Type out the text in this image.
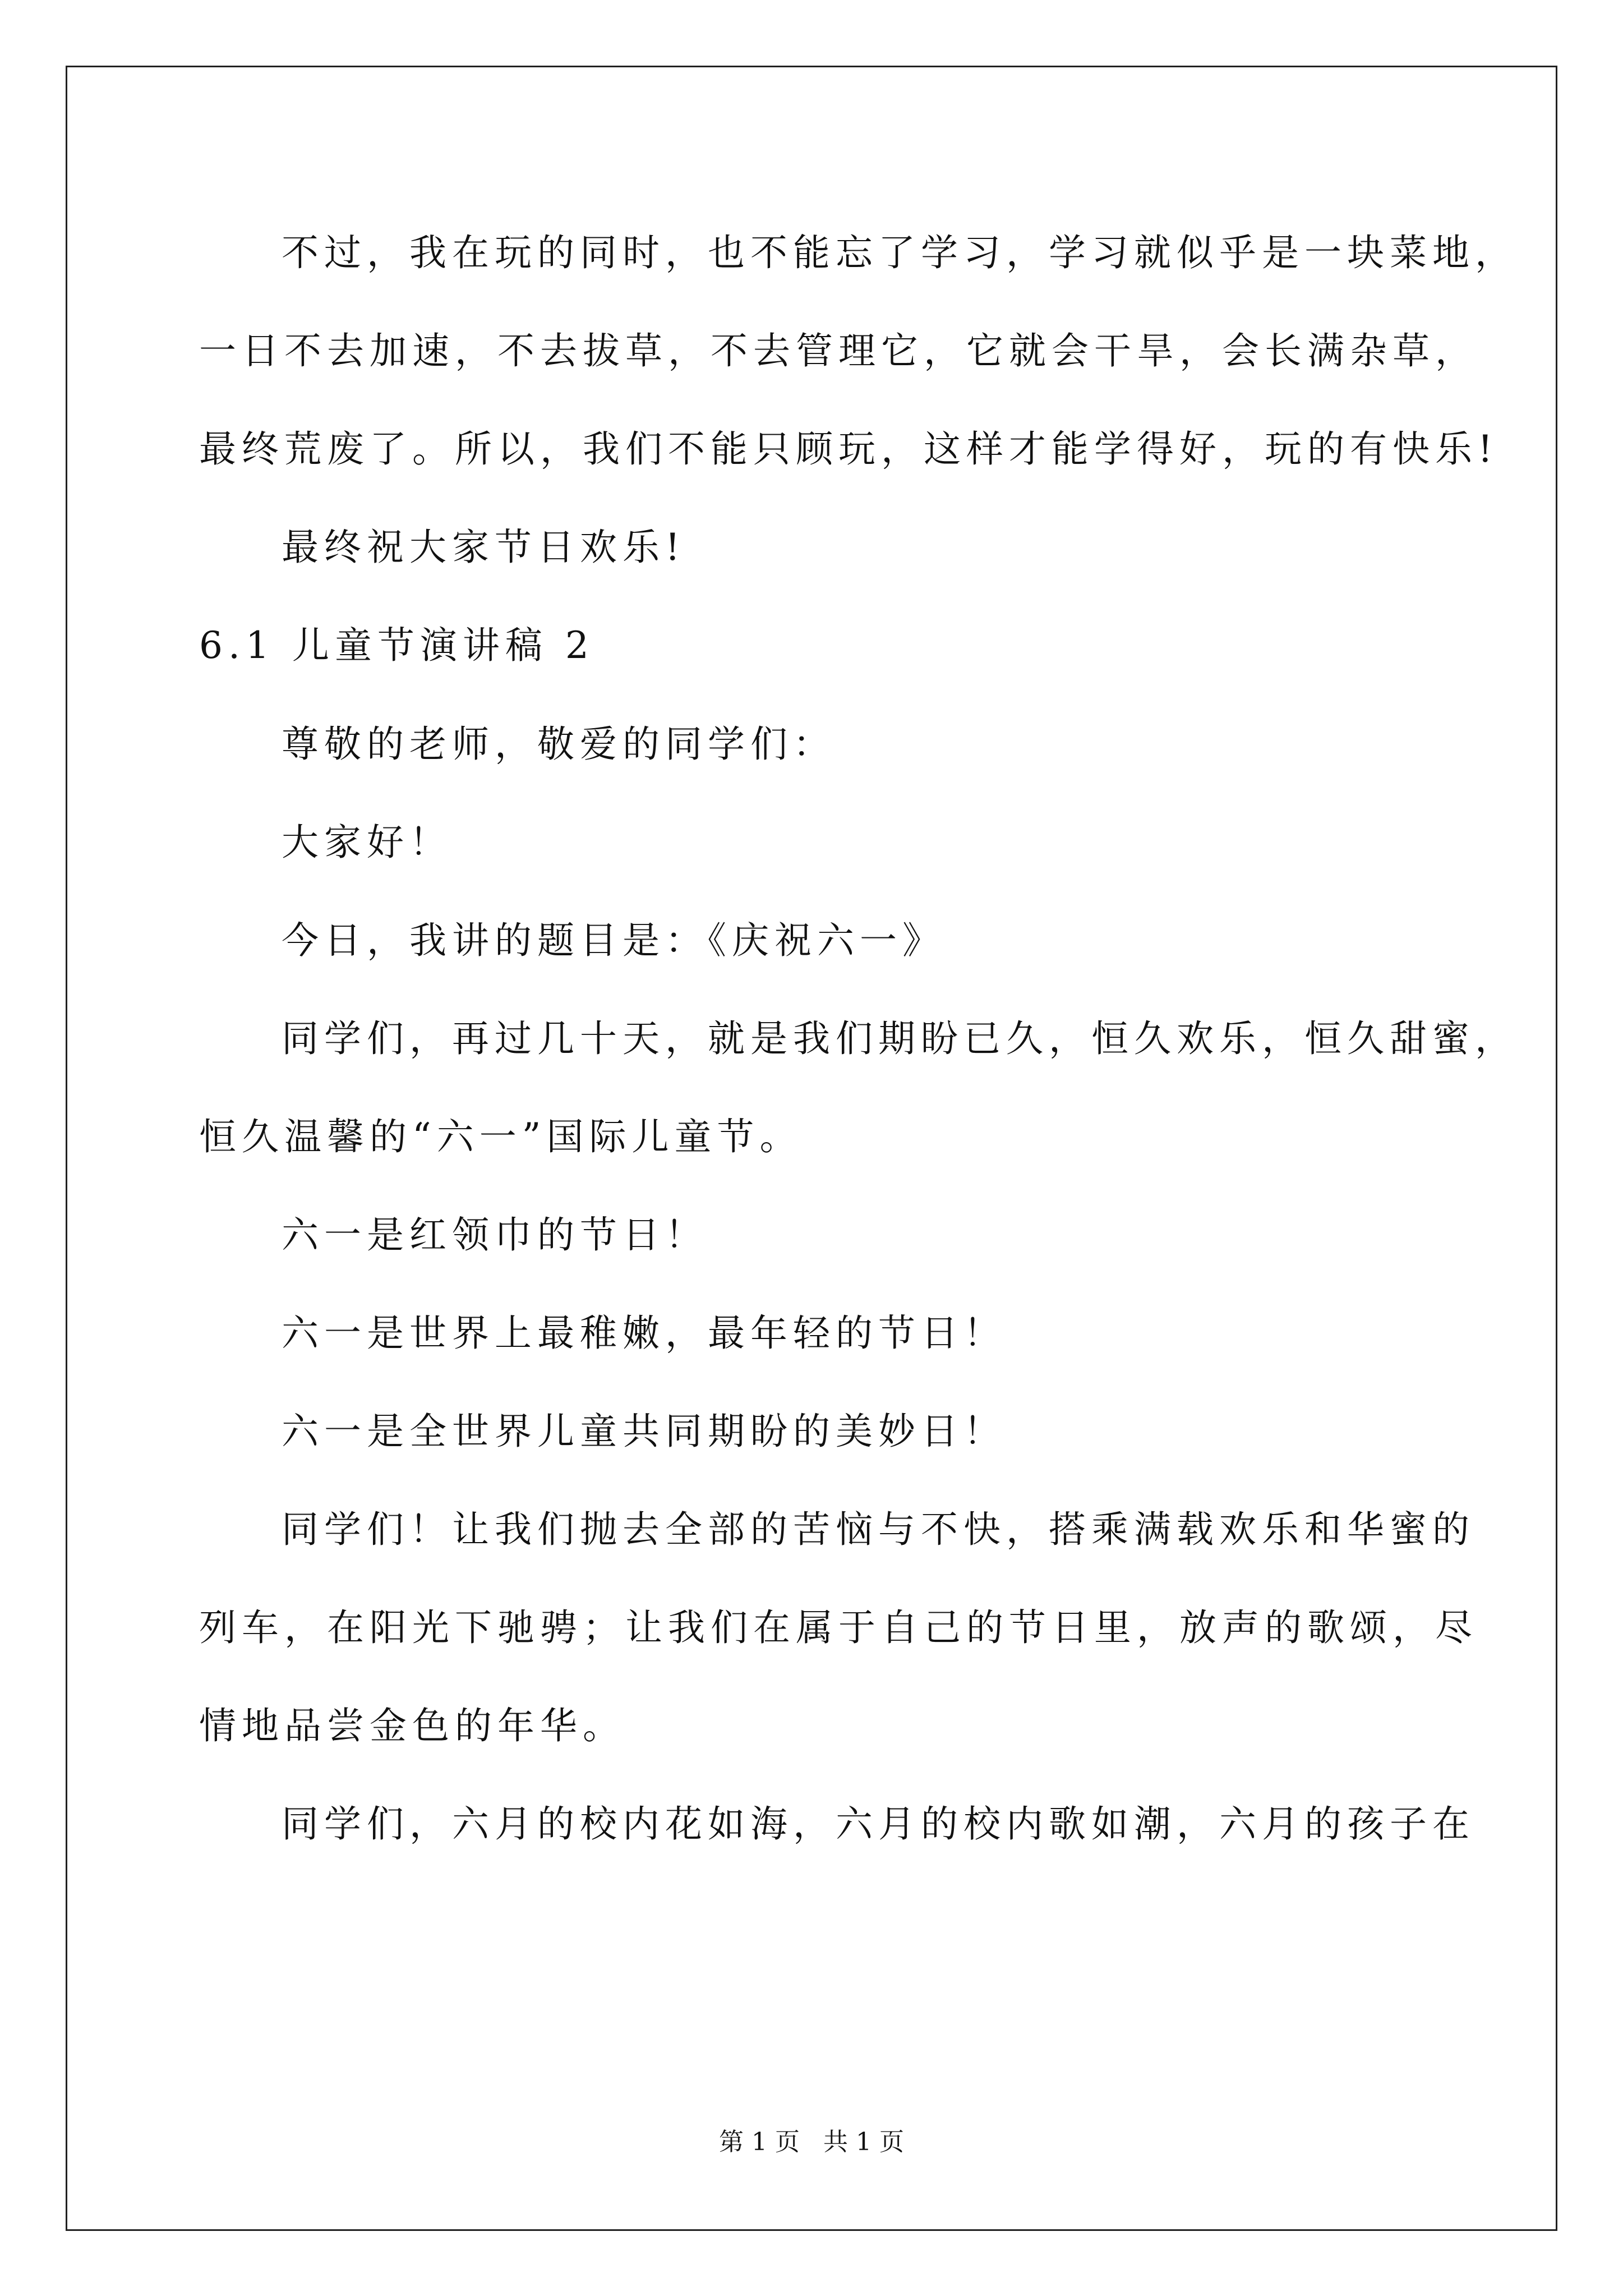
不过，我在玩的同时，也不能忘了学习，学习就似乎是一块菜地，
一日不去加速，不去拔草，不去管理它，它就会干旱，会长满杂草，
最终荒废了。所以，我们不能只顾玩，这样才能学得好，玩的有快乐!
最终祝大家节日欢乐!
6.1 儿童节演讲稿 2
尊敬的老师，敬爱的同学们：
大家好！
今日，我讲的题目是：《庆祝六一》
同学们，再过几十天，就是我们期盼已久，恒久欢乐，恒久甜蜜，
恒久温馨的“六一”国际儿童节。
六一是红领巾的节日！
六一是世界上最稚嫩，最年轻的节日！
六一是全世界儿童共同期盼的美妙日！
同学们！让我们抛去全部的苦恼与不快，搭乘满载欢乐和华蜜的
列车，在阳光下驰骋；让我们在属于自己的节日里，放声的歌颂，尽
情地品尝金色的年华。
同学们，六月的校内花如海，六月的校内歌如潮，六月的孩子在
第 1 页   共 1 页
